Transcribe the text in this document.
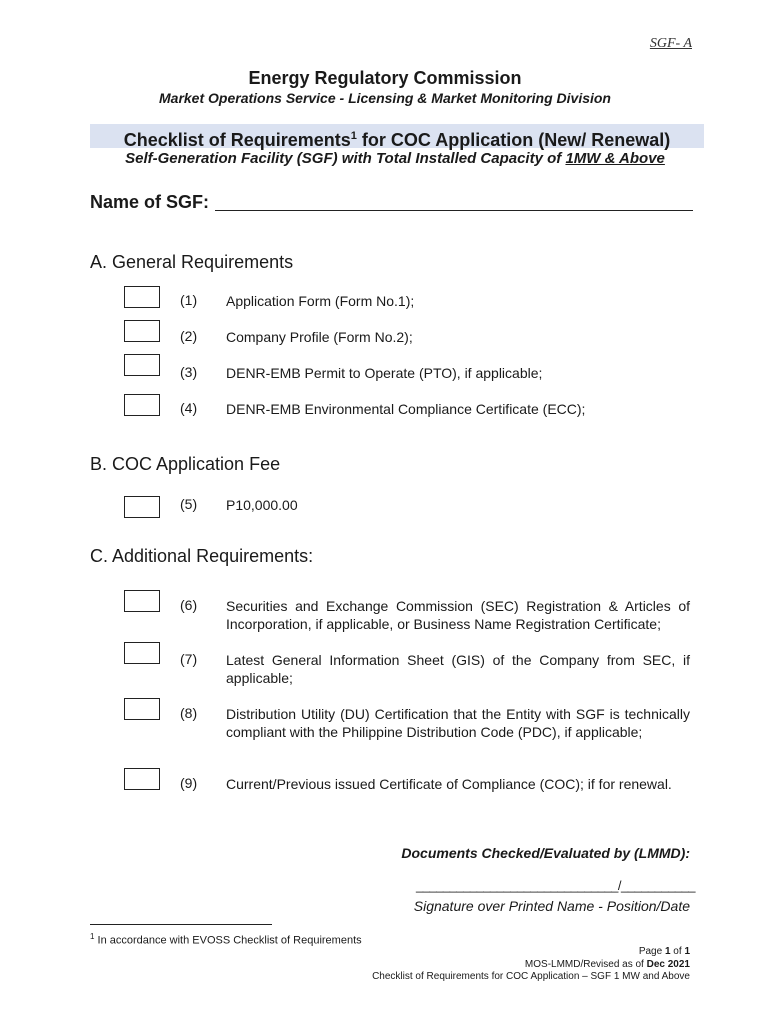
SGF- A
Energy Regulatory Commission
Market Operations Service - Licensing & Market Monitoring Division
Checklist of Requirements$^1$ for COC Application (New/ Renewal)
Self-Generation Facility (SGF) with Total Installed Capacity of 1MW & Above
Name of SGF:
A. General Requirements
(1) Application Form (Form No.1);
(2) Company Profile (Form No.2);
(3) DENR-EMB Permit to Operate (PTO), if applicable;
(4) DENR-EMB Environmental Compliance Certificate (ECC);
B. COC Application Fee
(5) P10,000.00
C. Additional Requirements:
(6) Securities and Exchange Commission (SEC) Registration & Articles of Incorporation, if applicable, or Business Name Registration Certificate;
(7) Latest General Information Sheet (GIS) of the Company from SEC, if applicable;
(8) Distribution Utility (DU) Certification that the Entity with SGF is technically compliant with the Philippine Distribution Code (PDC), if applicable;
(9) Current/Previous issued Certificate of Compliance (COC); if for renewal.
Documents Checked/Evaluated by (LMMD):
______________________________/___________
Signature over Printed Name - Position/Date
$^1$ In accordance with EVOSS Checklist of Requirements
Page 1 of 1
MOS-LMMD/Revised as of Dec 2021
Checklist of Requirements for COC Application – SGF 1 MW and Above
